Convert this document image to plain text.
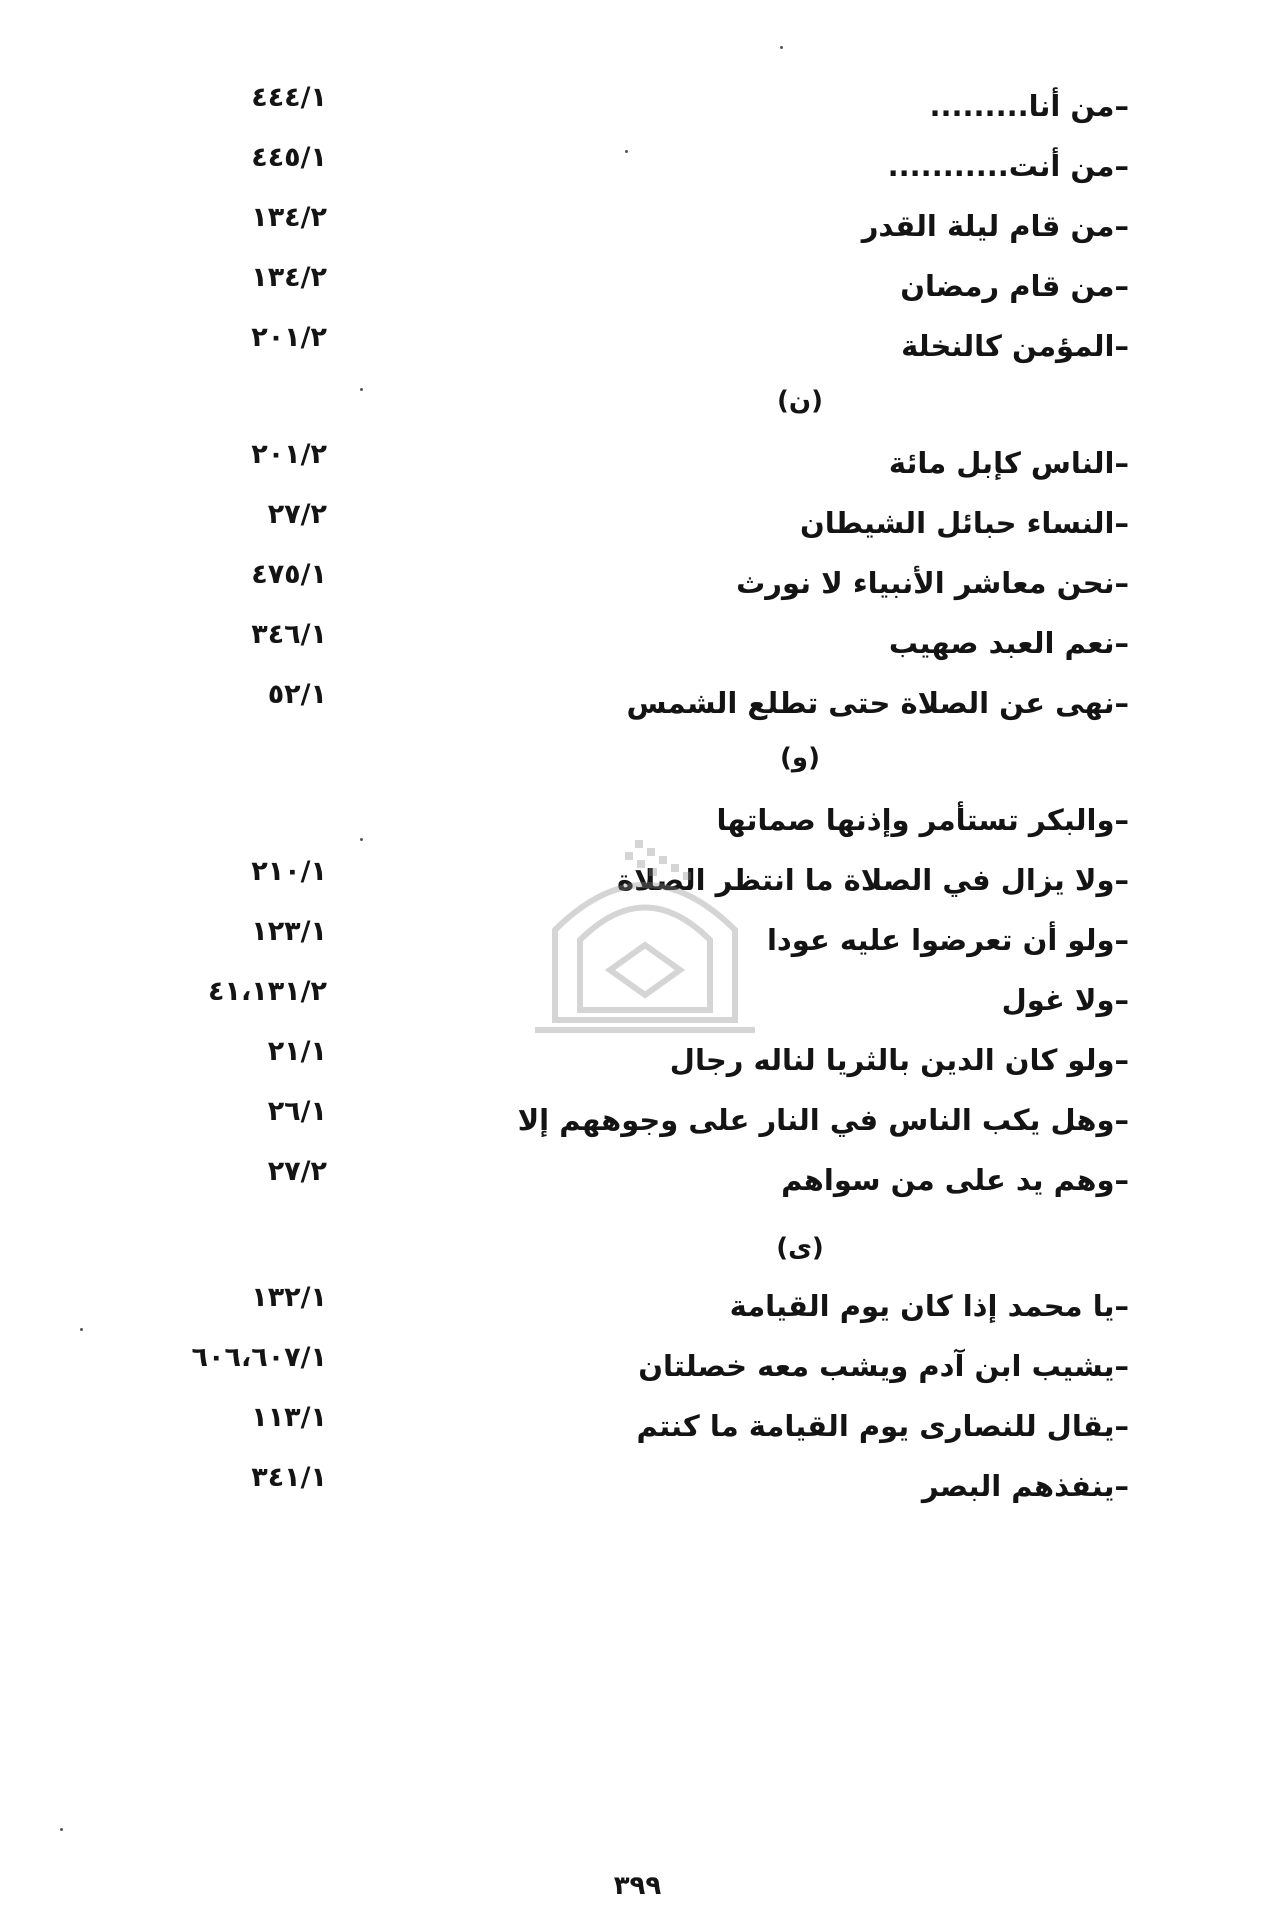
–من أنا.........
٤٤٤/١
–من أنت...........
٤٤٥/١
–من قام ليلة القدر
١٣٤/٢
–من قام رمضان
١٣٤/٢
–المؤمن كالنخلة
٢٠١/٢
(ن)
–الناس كإبل مائة
٢٠١/٢
–النساء حبائل الشيطان
٢٧/٢
–نحن معاشر الأنبياء لا نورث
٤٧٥/١
–نعم العبد صهيب
٣٤٦/١
–نهى عن الصلاة حتى تطلع الشمس
٥٢/١
(و)
–والبكر تستأمر وإذنها صماتها
–ولا يزال في الصلاة ما انتظر الصلاة
٢١٠/١
–ولو أن تعرضوا عليه عودا
١٢٣/١
–ولا غول
٤١،١٣١/٢
–ولو كان الدين بالثريا لناله رجال
٢١/١
–وهل يكب الناس في النار على وجوههم إلا
٢٦/١
–وهم يد على من سواهم
٢٧/٢
(ى)
–يا محمد إذا كان يوم القيامة
١٣٢/١
–يشيب ابن آدم ويشب معه خصلتان
٦٠٦،٦٠٧/١
–يقال للنصارى يوم القيامة ما كنتم
١١٣/١
–ينفذهم البصر
٣٤١/١
٣٩٩
